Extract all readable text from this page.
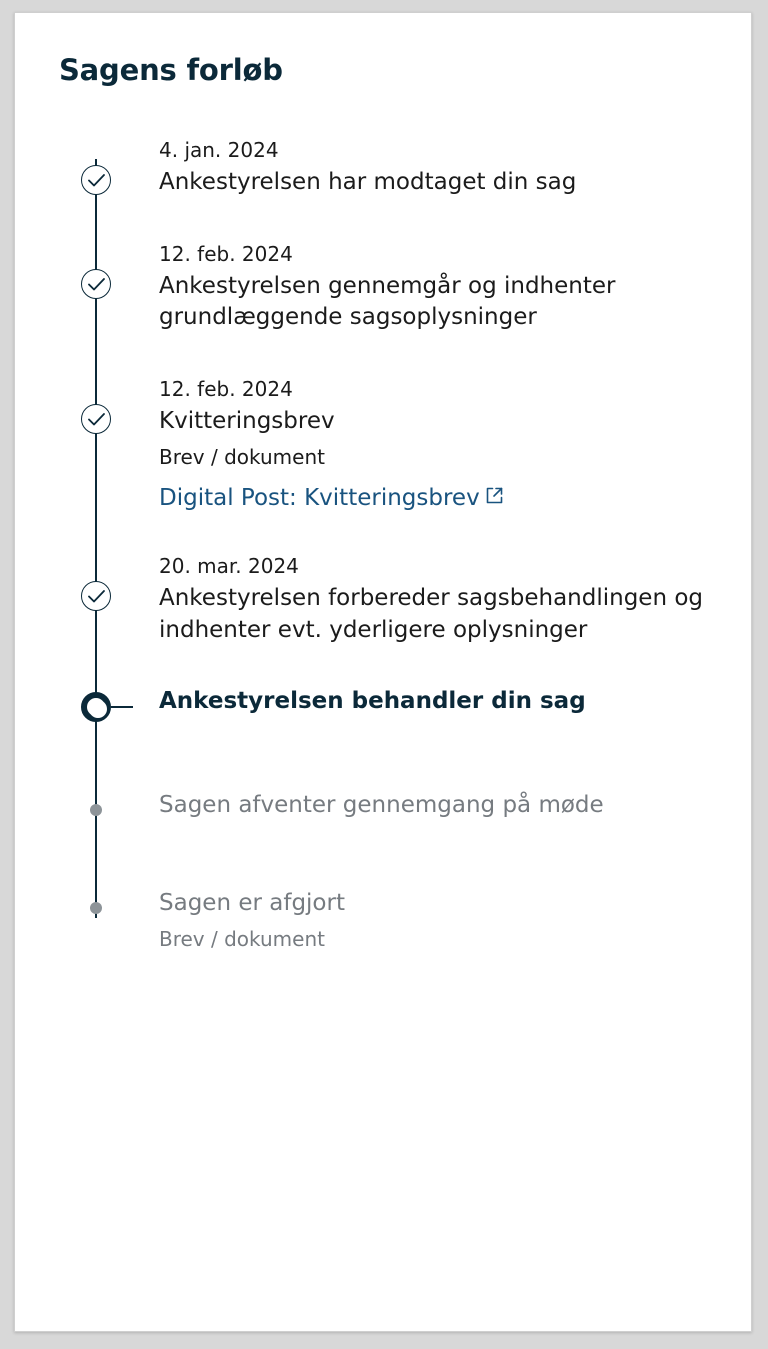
Sagens forløb
4. jan. 2024
Ankestyrelsen har modtaget din sag
12. feb. 2024
Ankestyrelsen gennemgår og indhenter grundlæggende sagsoplysninger
12. feb. 2024
Kvitteringsbrev
Brev / dokument
Digital Post: Kvitteringsbrev
20. mar. 2024
Ankestyrelsen forbereder sagsbehandlingen og indhenter evt. yderligere oplysninger
Ankestyrelsen behandler din sag
Sagen afventer gennemgang på møde
Sagen er afgjort
Brev / dokument
